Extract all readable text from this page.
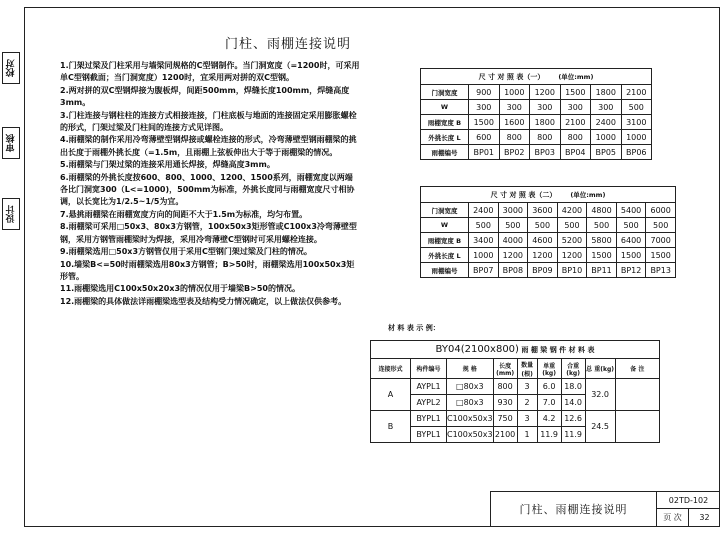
校对
审核
设计
门柱、雨棚连接说明

1.门架过梁及门柱采用与墙梁同规格的C型钢制作。当门洞宽度（=1200时，可采用单C型钢截面；当门洞宽度）1200时，宜采用两对拼的双C型钢。

2.两对拼的双C型钢焊接为腹板焊，间距500mm，焊缝长度100mm，焊缝高度3mm。

3.门柱连接与钢柱柱的连接方式相接连接，门柱底板与地面的连接固定采用膨胀螺栓的形式，门架过梁及门柱间的连接方式见详图。

4.雨棚梁的制作采用冷弯薄壁型钢焊接或螺栓连接的形式，冷弯薄壁型钢雨棚梁的挑出长度于雨棚外挑长度（=1.5m，且雨棚上弦板伸出大于等于雨棚梁的情况。

5.雨棚梁与门架过梁的连接采用通长焊接，焊缝高度3mm。

6.雨棚梁的外挑长度按600、800、1000、1200、1500系列，雨棚宽度以两端各比门洞宽300（L<=1000)，500mm为标准，外挑长度同与雨棚宽度尺寸相协调，以长宽比为1/2.5~1/5为宜。

7.悬挑雨棚梁在雨棚宽度方向的间距不大于1.5m为标准，均匀布置。

8.雨棚梁可采用□50x3、80x3方钢管，100x50x3矩形管或C100x3冷弯薄壁型钢，采用方钢管雨棚梁时为焊接，采用冷弯薄壁C型钢时可采用螺栓连接。

9.雨棚梁选用□50x3方钢管仅用于采用C型钢门架过梁及门柱的情况。

10.墙梁B<=50时雨棚梁选用80x3方钢管；B>50时，雨棚梁选用100x50x3矩形管。

11.雨棚梁选用C100x50x20x3的情况仅用于墙梁B>50的情况。

12.雨棚梁的具体做法详雨棚梁选型表及结构受力情况确定，以上做法仅供参考。

尺 寸 对 照 表（一） (单位:mm)						
门洞宽度	900	1000	1200	1500	1800	2100
W	300	300	300	300	300	500
雨棚宽度 B	1500	1600	1800	2100	2400	3100
外挑长度 L	600	800	800	800	1000	1000
雨棚编号	BP01	BP02	BP03	BP04	BP05	BP06
尺 寸 对 照 表（二） (单位:mm)							
门洞宽度	2400	3000	3600	4200	4800	5400	6000
W	500	500	500	500	500	500	500
雨棚宽度 B	3400	4000	4600	5200	5800	6400	7000
外挑长度 L	1000	1200	1200	1200	1500	1500	1500
雨棚编号	BP07	BP08	BP09	BP10	BP11	BP12	BP13
材 料 表 示 例：
BY04(2100x800) 雨 棚 梁 钢 件 材 料 表								
连接形式	构件编号	规 格	长度(mm)	数量(根)	单重(kg)	合重(kg)	总 重(kg)	备 注
A	AYPL1	□80x3	800	3	6.0	18.0	32.0	
	AYPL2	□80x3	930	2	7.0	14.0		
B	BYPL1	C100x50x3	750	3	4.2	12.6	24.5	
	BYPL1	C100x50x3	2100	1	11.9	11.9		
门柱、雨棚连接说明
02TD-102
页 次	32
